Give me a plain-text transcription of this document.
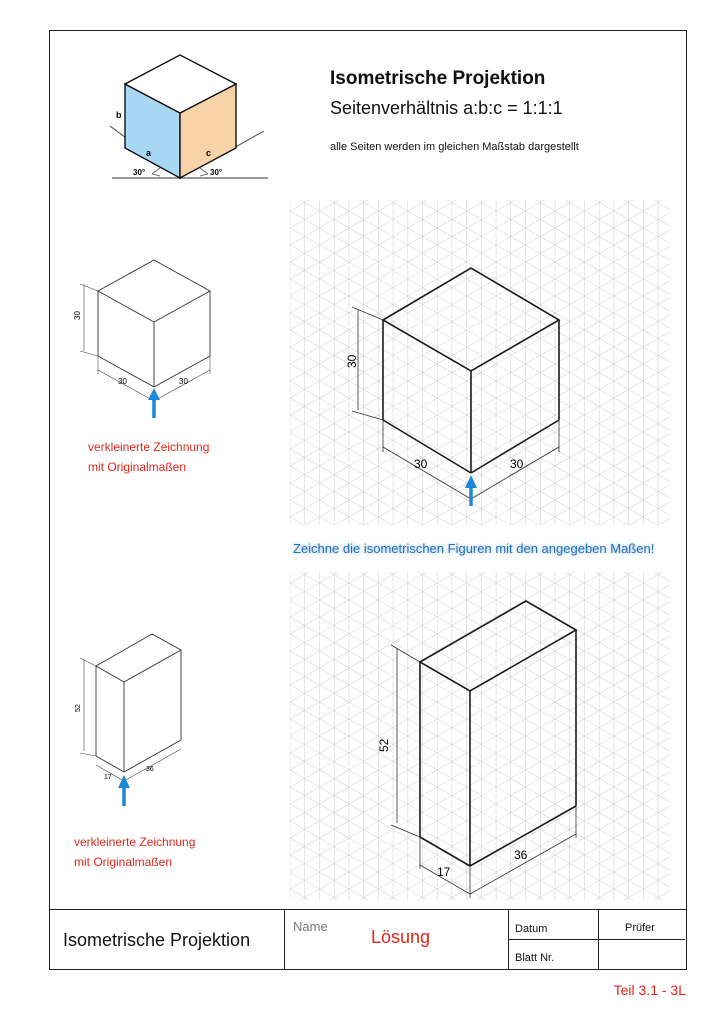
Isometrische Projektion
Seitenverhältnis a:b:c = 1:1:1
alle Seiten werden im gleichen Maßstab dargestellt
b
a	c
30°	30°
30
30	30
verkleinerte Zeichnung
mit Originalmaßen
30
30	30
Zeichne die isometrischen Figuren mit den angegeben Maßen!
52
17
36
verkleinerte Zeichnung
mit Originalmaßen
52
17
36
Isometrische Projektion
Name
Lösung	Datum	Prüfer
Blatt Nr.
Teil 3.1 - 3L
